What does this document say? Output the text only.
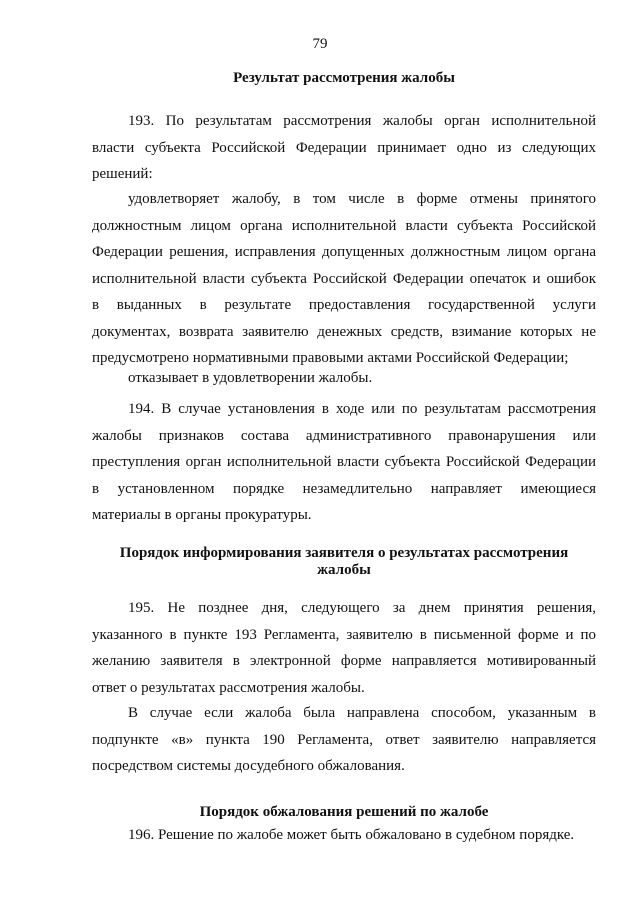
79
Результат рассмотрения жалобы
193. По результатам рассмотрения жалобы орган исполнительной
власти субъекта Российской Федерации принимает одно из следующих
решений:
удовлетворяет жалобу, в том числе в форме отмены принятого
должностным лицом органа исполнительной власти субъекта Российской
Федерации решения, исправления допущенных должностным лицом органа
исполнительной власти субъекта Российской Федерации опечаток и ошибок
в выданных в результате предоставления государственной услуги
документах, возврата заявителю денежных средств, взимание которых не
предусмотрено нормативными правовыми актами Российской Федерации;
отказывает в удовлетворении жалобы.
194. В случае установления в ходе или по результатам рассмотрения
жалобы признаков состава административного правонарушения или
преступления орган исполнительной власти субъекта Российской Федерации
в установленном порядке незамедлительно направляет имеющиеся
материалы в органы прокуратуры.
Порядок информирования заявителя о результатах рассмотрения
жалобы
195. Не позднее дня, следующего за днем принятия решения,
указанного в пункте 193 Регламента, заявителю в письменной форме и по
желанию заявителя в электронной форме направляется мотивированный
ответ о результатах рассмотрения жалобы.
В случае если жалоба была направлена способом, указанным в
подпункте «в» пункта 190 Регламента, ответ заявителю направляется
посредством системы досудебного обжалования.
Порядок обжалования решений по жалобе
196. Решение по жалобе может быть обжаловано в судебном порядке.
